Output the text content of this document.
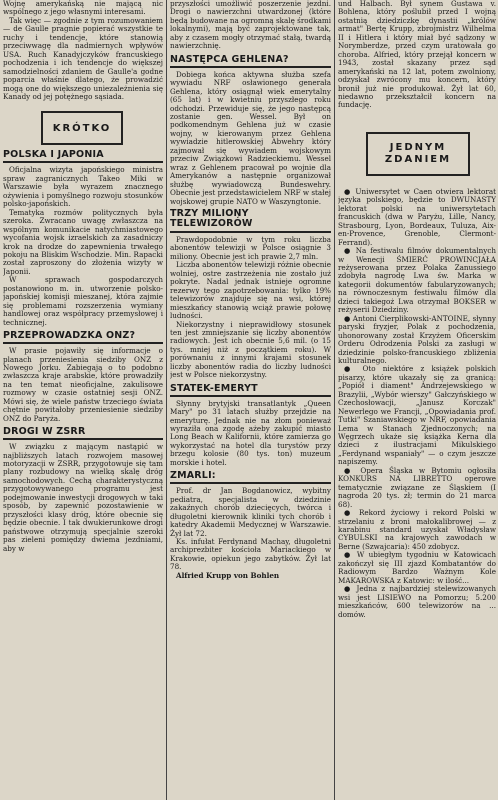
Wojnę amerykańską nie mającą nic wspólnego z jego własnymi interesami.

Tak więc — zgodnie z tym rozumowaniem — de Gaulle pragnie popierać wszystkie te ruchy i tendencje, które stanowią przeciwwagę dla nadmiernych wpływów USA. Ruch Kanadyjczyków francuskiego pochodzenia i ich tendencje do większej samodzielności zdaniem de Gaulle'a godne poparcia właśnie dlatego, że prowadzić mogą one do większego uniezależnienia się Kanady od jej potężnego sąsiada.

KRÓTKO
POLSKA I JAPONIA

Oficjalna wizyta japońskiego ministra spraw zagranicznych Takeo Miki w Warszawie była wyrazem znacznego ożywienia i pomyślnego rozwoju stosunków polsko-japońskich.

Tematyka rozmów politycznych była szeroka. Zwracano uwagę zwłaszcza na wspólnym komunikacie natychmiastowego wycofania wojsk izraelskich za zasadniczy krok na drodze do zapewnienia trwałego pokoju na Bliskim Wschodzie. Min. Rapacki został zaproszony do złożenia wizyty w Japonii.

W sprawach gospodarczych postanowiono m. in. utworzenie polsko-japońskiej komisji mieszanej, która zajmie się problemami rozszerzenia wymiany handlowej oraz współpracy przemysłowej i technicznej.

PRZEPROWADZKA ONZ?

W prasie pojawiły się informacje o planach przeniesienia siedziby ONZ z Nowego Jorku. Zabiegają o to podobno zwłaszcza kraje arabskie, które prowadziły na ten temat nieoficjalne, zakulisowe rozmowy w czasie ostatniej sesji ONZ. Mówi się, że wiele państw trzeciego świata chętnie powitałoby przeniesienie siedziby ONZ do Paryża.

DROGI W ZSRR

W związku z mającym nastąpić w najbliższych latach rozwojem masowej motoryzacji w ZSRR, przygotowuje się tam plany rozbudowy na wielką skalę dróg samochodowych. Cechą charakterystyczną przygotowywanego programu jest podejmowanie inwestycji drogowych w taki sposób, by zapewnić pozostawienie w przyszłości klasy dróg, które obecnie się będzie obecnie. I tak dwukierunkowe drogi państwowe otrzymują specjalnie szeroki pas zieleni pomiędzy dwiema jezdniami, aby w

przyszłości umożliwić poszerzenie jezdni. Drogi o nawierzchni utwardzonej (które będą budowane na ogromną skalę środkami lokalnymi), mają być zaprojektowane tak, aby z czasem mogły otrzymać stałą, twardą nawierzchnię.

NASTĘPCA GEHLENA?

Dobiega końca aktywna służba szefa wywiadu NRF osławionego generała Gehlena, który osiągnął wiek emerytalny (65 lat) i w kwietniu przyszłego roku odchodzi. Przewiduje się, że jego następcą zostanie gen. Wessel. Był on podkomendnym Gehlena już w czasie wojny, w kierowanym przez Gehlena wywiadzie hitlerowskiej Abwehry który zajmował się wywiadem wojskowym przeciw Związkowi Radzieckiemu. Wessel wraz z Gehlenem pracował po wojnie dla Amerykanów a następnie organizował służbę wywiadowczą Bundeswehry. Obecnie jest przedstawicielem NRF w stałej wojskowej grupie NATO w Waszyngtonie.

TRZY MILIONY
TELEWIZORÓW

Prawdopodobnie w tym roku liczba abonentów telewizji w Polsce osiągnie 3 miliony. Obecnie jest ich prawie 2,7 mln.

Liczba abonentów telewizji różnie obecnie wolniej, ostre zastrzeżenia nie zostało już pokryte. Nadal jednak istnieje ogromne rezerwy tego zapotrzebowania: tylko 19% telewizorów znajduje się na wsi, której mieszkańcy stanowią wciąż prawie połowę ludności.

Niekorzystny i nieprawidłowy stosunek ten jest zmniejszanie się liczby abonentów radiowych. Jest ich obecnie 5,6 mil. (o 15 tys. mniej niż z początkiem roku). W porównaniu z innymi krajami stosunek liczby abonentów radia do liczby ludności jest w Polsce niekorzystny.

STATEK-EMERYT

Słynny brytyjski transatlantyk „Queen Mary" po 31 latach służby przejdzie na emeryturę. Jednak nie na złom ponieważ wyraziła ona zgodę ażeby zakupić miasto Long Beach w Kalifornii, które zamierza go wykorzystać na hotel dla turystów przy brzegu kolosie (80 tys. ton) muzeum morskie i hotel.

ZMARLI:

Prof. dr Jan Bogdanowicz, wybitny pediatra, specjalista w dziedzinie zakaźnych chorób dziecięcych, twórca i długoletni kierownik kliniki tych chorób i katedry Akademii Medycznej w Warszawie. Żył lat 72.

Ks. infułat Ferdynand Machay, długoletni archiprezbiter kościoła Mariackiego w Krakowie, opiekun jego zabytków. Żył lat 78.

Alfried Krupp von Bohlen

und Halbach. Był synem Gustawa v. Bohlena, który poślubił przed I wojną ostatnią dziedziczkę dynastii „królów armat" Bertę Krupp, zbrojmistrz Wilhelma II i Hitlera i który miał być sądzony w Norymberdze, przed czym uratowała go choroba. Alfried, który przejął koncern w 1943, został skazany przez sąd amerykański na 12 lat, potem zwolniony, odzyskał zwrócony mu koncern, który bronił już nie produkował. Żył lat 60, niedawno przekształcił koncern na fundację.

JEDNYM
ZDANIEM

● Uniwersytet w Caen otwiera lektorat języka polskiego, będzie to DWUNASTY lektorat polski na uniwersytetach francuskich (dwa w Paryżu, Lille, Nancy, Strasbourg, Lyon, Bordeaux, Tuluza, Aix-en-Provence, Grenoble, Clermont-Ferrand).

● Na festiwalu filmów dokumentalnych w Wenecji ŚMIERĆ PROWINCJAŁA reżyserowana przez Polaka Zanussiego zdobyła nagrodę Lwa św. Marka w kategorii dokumentów fabularyzowanych; na równoczesnym festiwalu filmów dla dzieci takiegoż Lwa otrzymał BOKSER w reżyserii Dziedziny.

● Antoni Cierplikowski-ANTOINE, słynny paryski fryzjer, Polak z pochodzenia, uhonorowany został Krzyżem Oficerskim Orderu Odrodzenia Polski za zasługi w dziedzinie polsko-francuskiego zbliżenia kulturalnego.

● Oto niektóre z książek polskich pisarzy, które ukazały się za granicą: „Popiół i diament" Andrzejewskiego w Brazylii, „Wybór wierszy" Gałczyńskiego w Czechosłowacji, „Janusz Korczak" Newerlego we Francji, „Opowiadania prof. Tutki" Szaniawskiego w NRF, opowiadania Lema w Stanach Zjednoczonych; na Węgrzech ukaże się książka Kerna dla dzieci z ilustracjami Mikulskiego „Ferdynand wspaniały" — o czym jeszcze napiszemy.

● Opera Śląska w Bytomiu ogłosiła KONKURS NA LIBRETTO operowe tematycznie związane ze Śląskiem (I nagroda 20 tys. zł; termin do 21 marca 68).

● Rekord życiowy i rekord Polski w strzelaniu z broni małokalibrowej — z karabinu standard uzyskał Władysław CYBULSKI na krajowych zawodach w Berne (Szwajcaria): 450 zdobycz.

● W ubiegłym tygodniu w Katowicach zakończył się III zjazd Kombatantów do Radiowym Bardzo Ważnym Kole MAKAROWSKA z Katowic: w ilość...

● Jedna z najbardziej stelewizowanych wsi jest LISIEWO na Pomorzu; 5.200 mieszkańców, 600 telewizorów na ... domów.
